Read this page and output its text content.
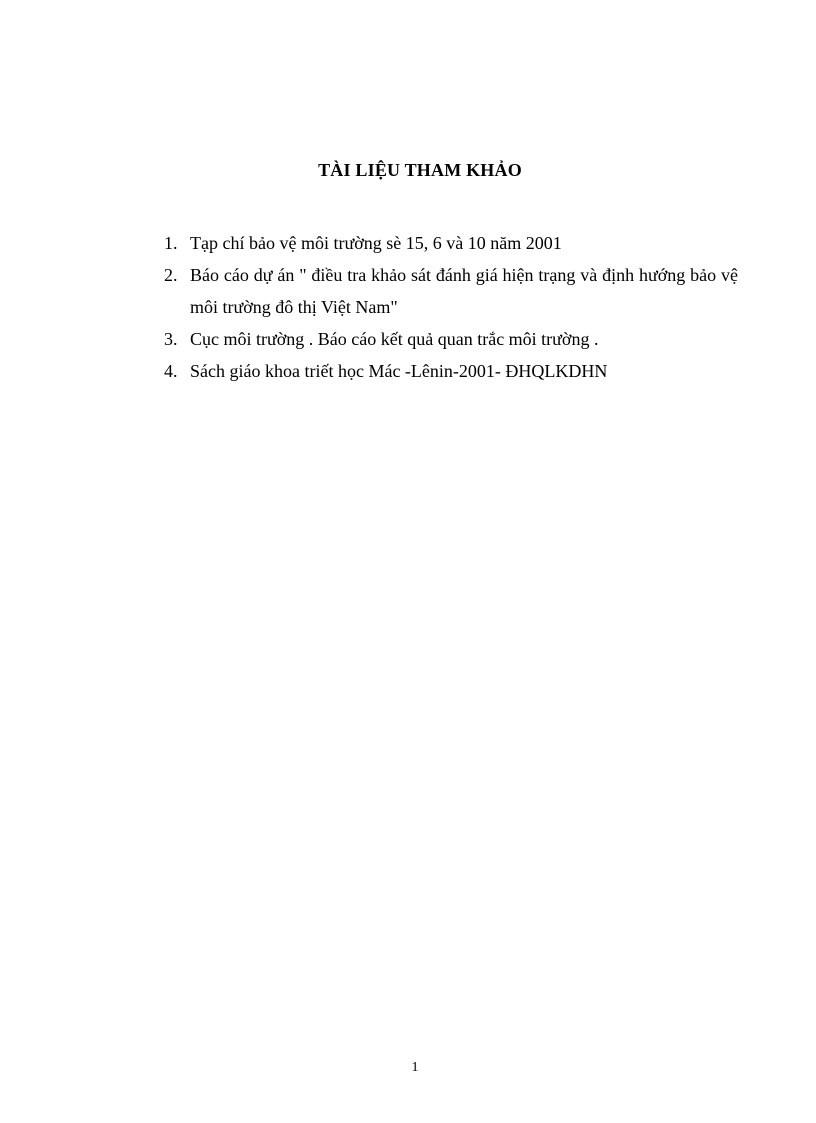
TÀI LIỆU THAM KHẢO
1. Tạp chí bảo vệ môi trường sè 15, 6 và 10 năm 2001
2. Báo cáo dự án " điều tra khảo sát đánh giá hiện trạng và định hướng bảo vệ môi trường đô thị Việt Nam"
3. Cục môi trường . Báo cáo kết quả quan trắc môi trường .
4. Sách giáo khoa triết học Mác -Lênin-2001- ĐHQLKDHN
1
